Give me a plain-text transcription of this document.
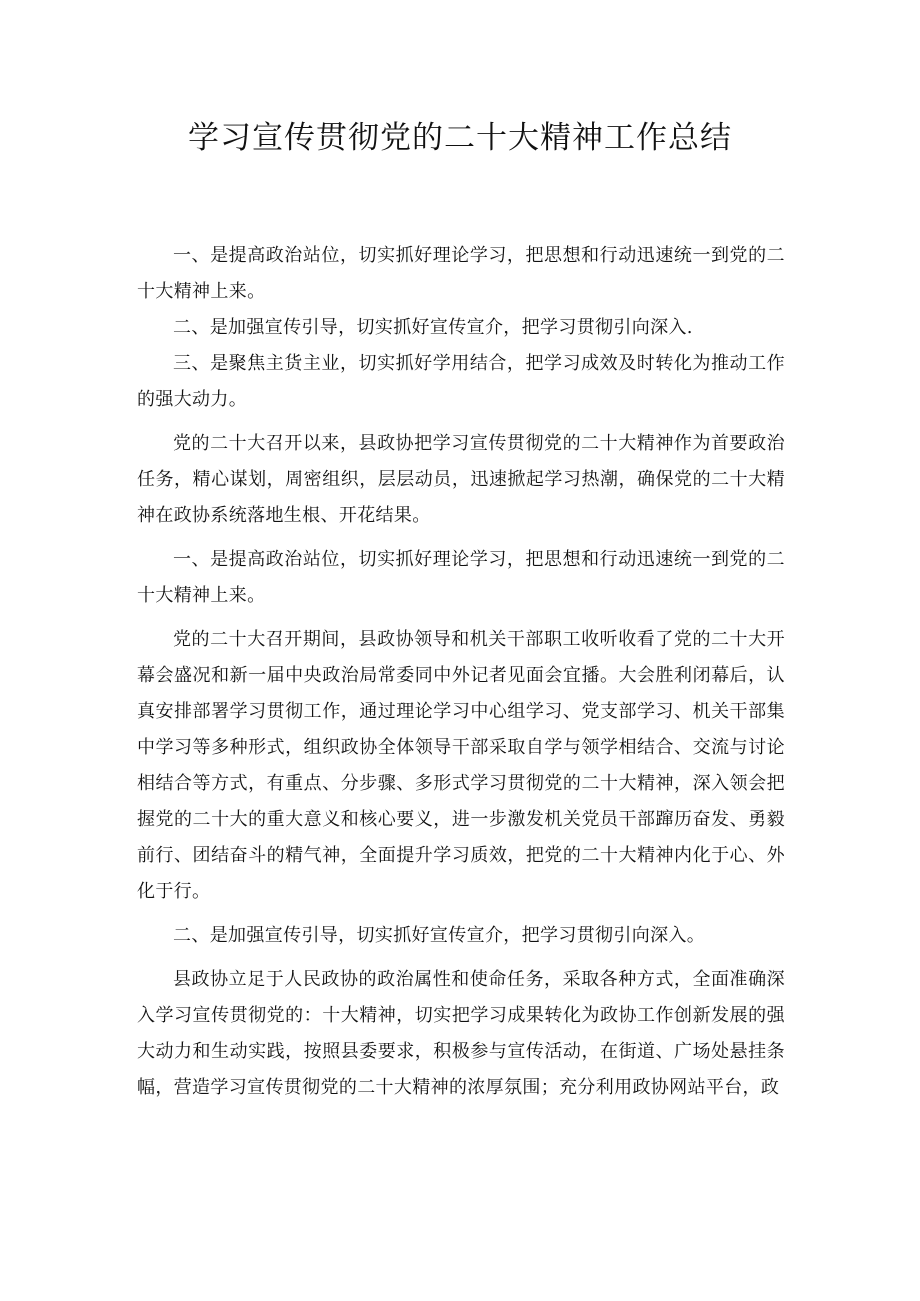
学习宣传贯彻党的二十大精神工作总结

一、是提高政治站位，切实抓好理论学习，把思想和行动迅速统一到党的二十大精神上来。

二、是加强宣传引导，切实抓好宣传宣介，把学习贯彻引向深入.

三、是聚焦主货主业，切实抓好学用结合，把学习成效及时转化为推动工作的强大动力。

党的二十大召开以来，县政协把学习宣传贯彻党的二十大精神作为首要政治任务，精心谋划，周密组织，层层动员，迅速掀起学习热潮，确保党的二十大精神在政协系统落地生根、开花结果。

一、是提高政治站位，切实抓好理论学习，把思想和行动迅速统一到党的二十大精神上来。

党的二十大召开期间，县政协领导和机关干部职工收听收看了党的二十大开幕会盛况和新一届中央政治局常委同中外记者见面会宜播。大会胜利闭幕后，认真安排部署学习贯彻工作，通过理论学习中心组学习、党支部学习、机关干部集中学习等多种形式，组织政协全体领导干部采取自学与领学相结合、交流与讨论相结合等方式，有重点、分步骤、多形式学习贯彻党的二十大精神，深入领会把握党的二十大的重大意义和核心要义，进一步激发机关党员干部蹿历奋发、勇毅前行、团结奋斗的精气神，全面提升学习质效，把党的二十大精神内化于心、外化于行。

二、是加强宣传引导，切实抓好宣传宣介，把学习贯彻引向深入。

县政协立足于人民政协的政治属性和使命任务，采取各种方式，全面准确深入学习宣传贯彻党的：十大精神，切实把学习成果转化为政协工作创新发展的强大动力和生动实践，按照县委要求，积极参与宣传活动，在街道、广场处悬挂条幅，营造学习宣传贯彻党的二十大精神的浓厚氛围；充分利用政协网站平台，政
